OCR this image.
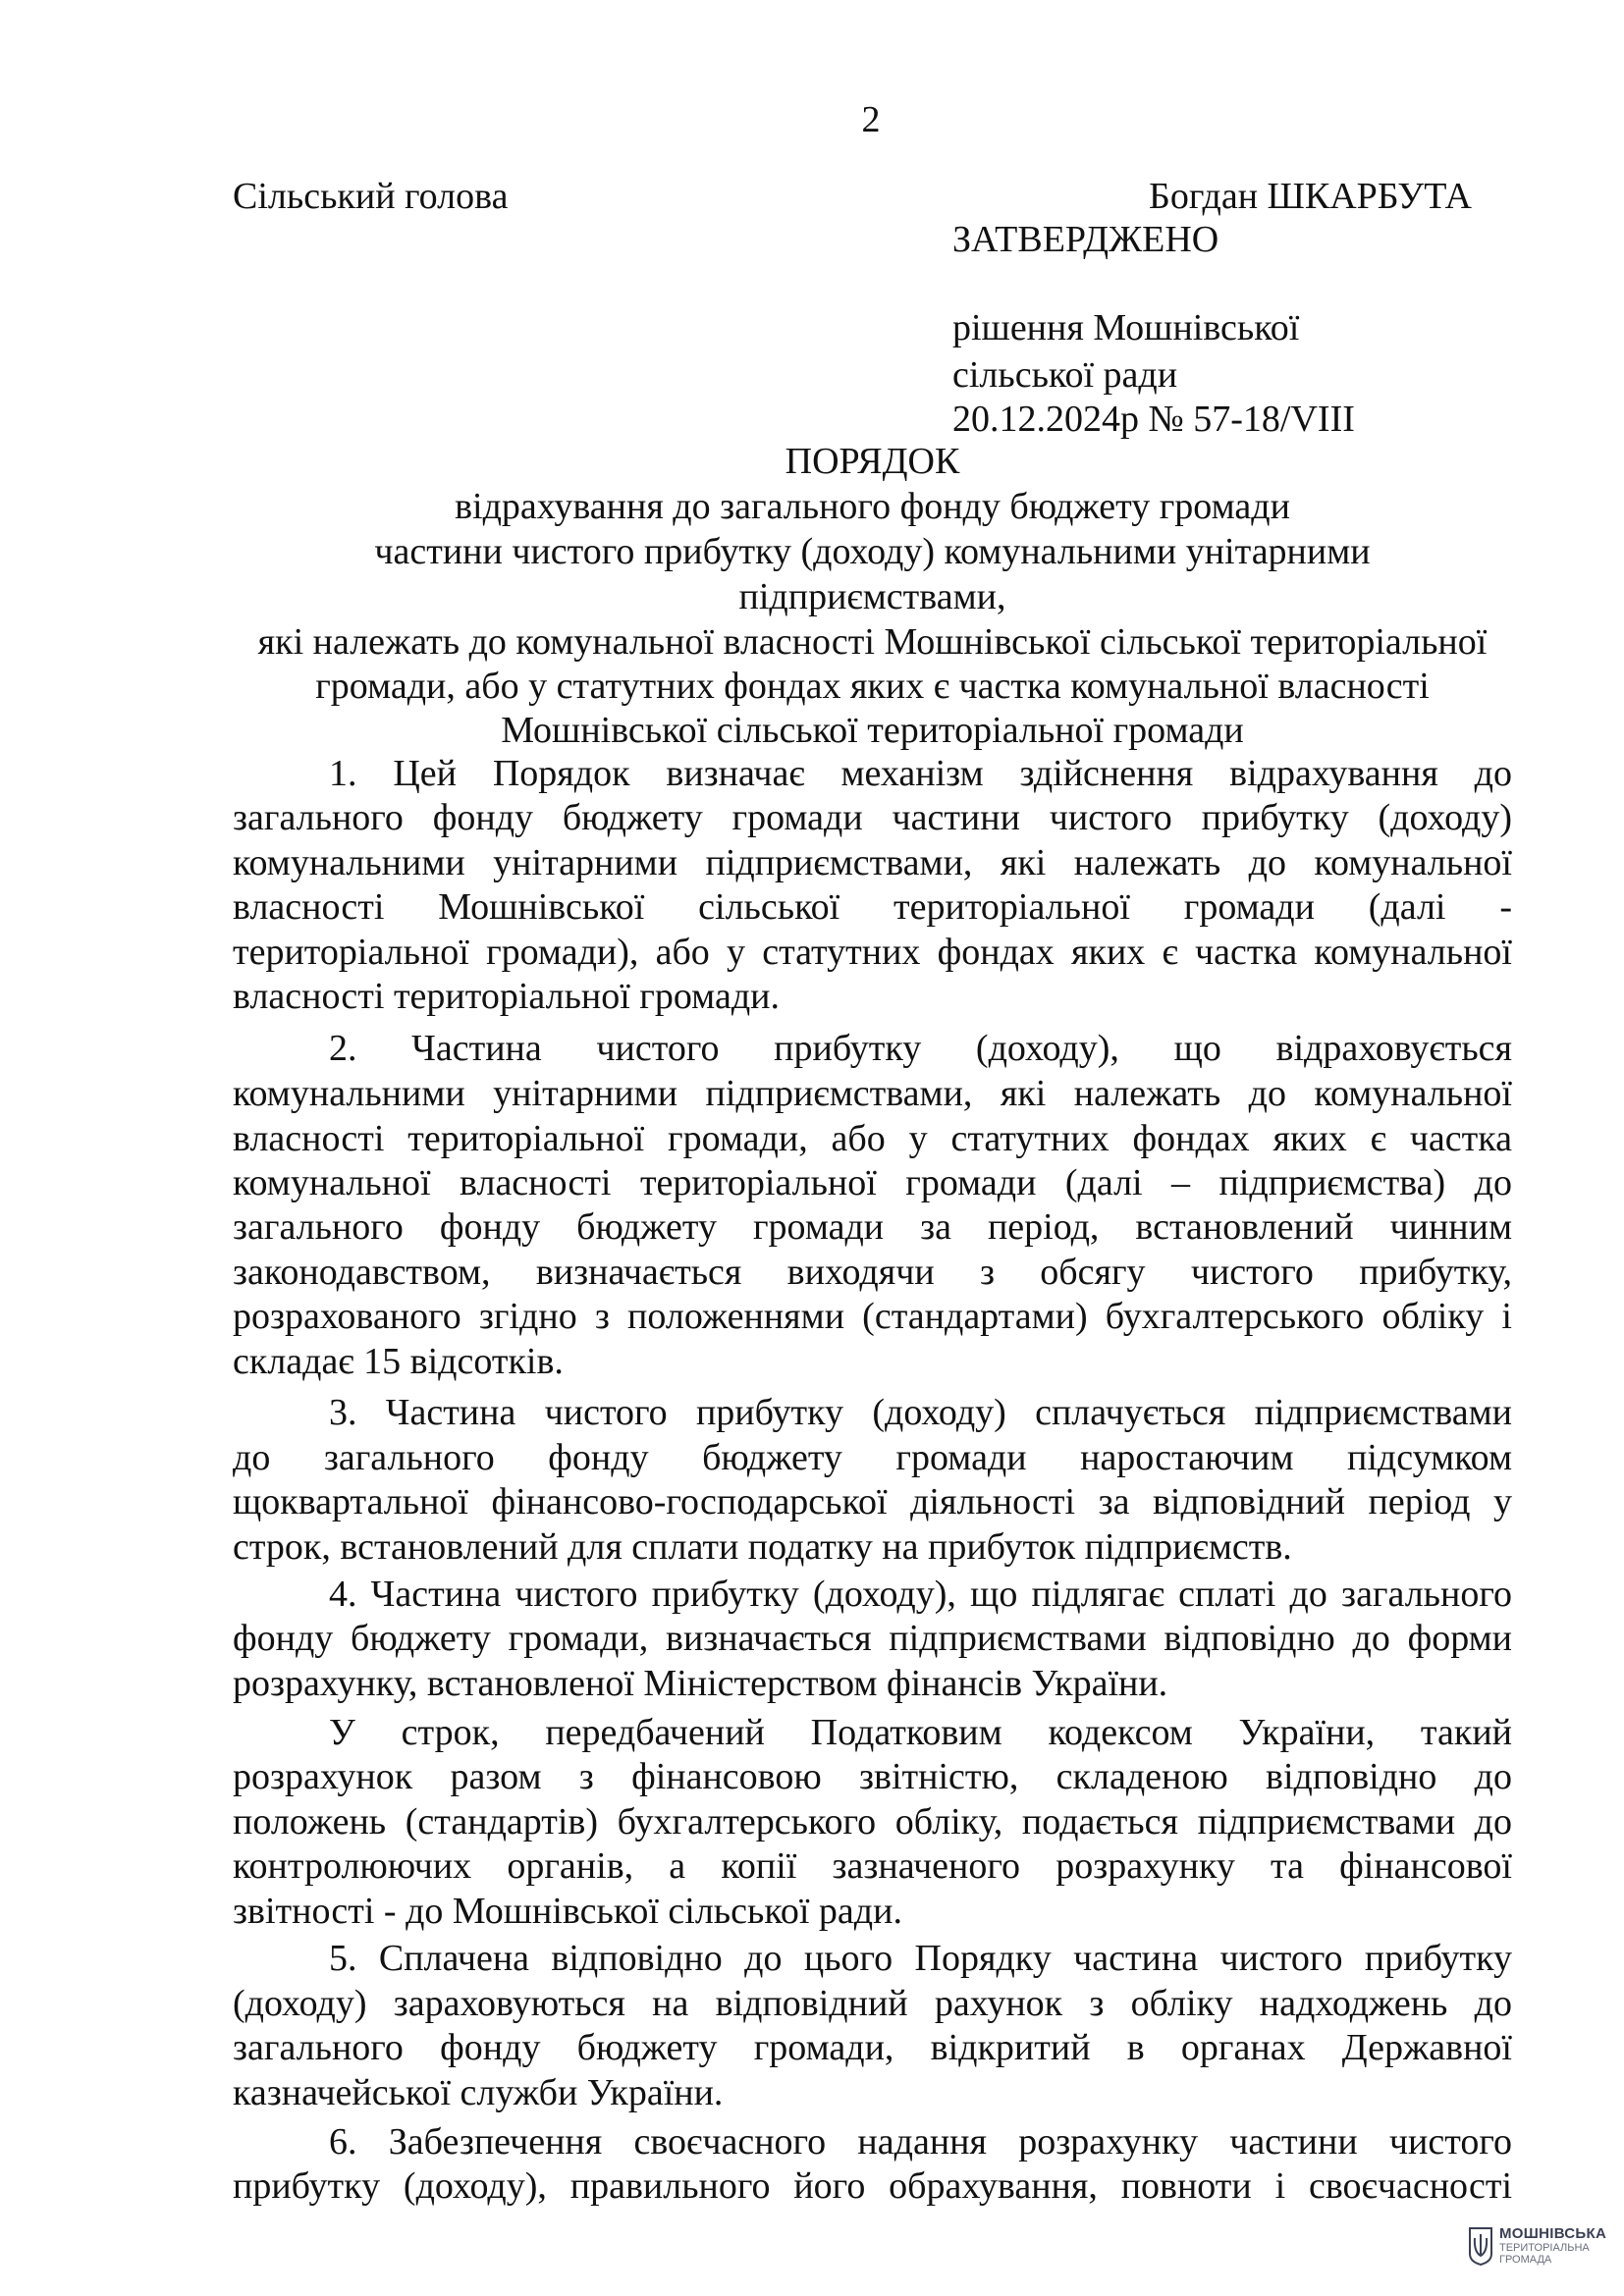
2
Сільський голова	Богдан ШКАРБУТА
ЗАТВЕРДЖЕНО
рішення Мошнівської
сільської ради
20.12.2024р № 57-18/VIII
ПОРЯДОК
відрахування до загального фонду бюджету громади
частини чистого прибутку (доходу) комунальними унітарними
підприємствами,
які належать до комунальної власності Мошнівської сільської територіальної
громади, або у статутних фондах яких є частка комунальної власності
Мошнівської сільської територіальної громади
1. Цей Порядок визначає механізм здійснення відрахування до
загального фонду бюджету громади частини чистого прибутку (доходу)
комунальними унітарними підприємствами, які належать до комунальної
власності Мошнівської сільської територіальної громади (далі -
територіальної громади), або у статутних фондах яких є частка комунальної
власності територіальної громади.
2. Частина чистого прибутку (доходу), що відраховується
комунальними унітарними підприємствами, які належать до комунальної
власності територіальної громади, або у статутних фондах яких є частка
комунальної власності територіальної громади (далі – підприємства) до
загального фонду бюджету громади за період, встановлений чинним
законодавством, визначається виходячи з обсягу чистого прибутку,
розрахованого згідно з положеннями (стандартами) бухгалтерського обліку і
складає 15 відсотків.
3. Частина чистого прибутку (доходу) сплачується підприємствами
до загального фонду бюджету громади наростаючим підсумком
щоквартальної фінансово-господарської діяльності за відповідний період у
строк, встановлений для сплати податку на прибуток підприємств.
4. Частина чистого прибутку (доходу), що підлягає сплаті до загального
фонду бюджету громади, визначається підприємствами відповідно до форми
розрахунку, встановленої Міністерством фінансів України.
У строк, передбачений Податковим кодексом України, такий
розрахунок разом з фінансовою звітністю, складеною відповідно до
положень (стандартів) бухгалтерського обліку, подається підприємствами до
контролюючих органів, а копії зазначеного розрахунку та фінансової
звітності - до Мошнівської сільської ради.
5. Сплачена відповідно до цього Порядку частина чистого прибутку
(доходу) зараховуються на відповідний рахунок з обліку надходжень до
загального фонду бюджету громади, відкритий в органах Державної
казначейської служби України.
6. Забезпечення своєчасного надання розрахунку частини чистого
прибутку (доходу), правильного його обрахування, повноти і своєчасності
МОШНІВСЬКА
ТЕРИТОРІАЛЬНА
ГРОМАДА
